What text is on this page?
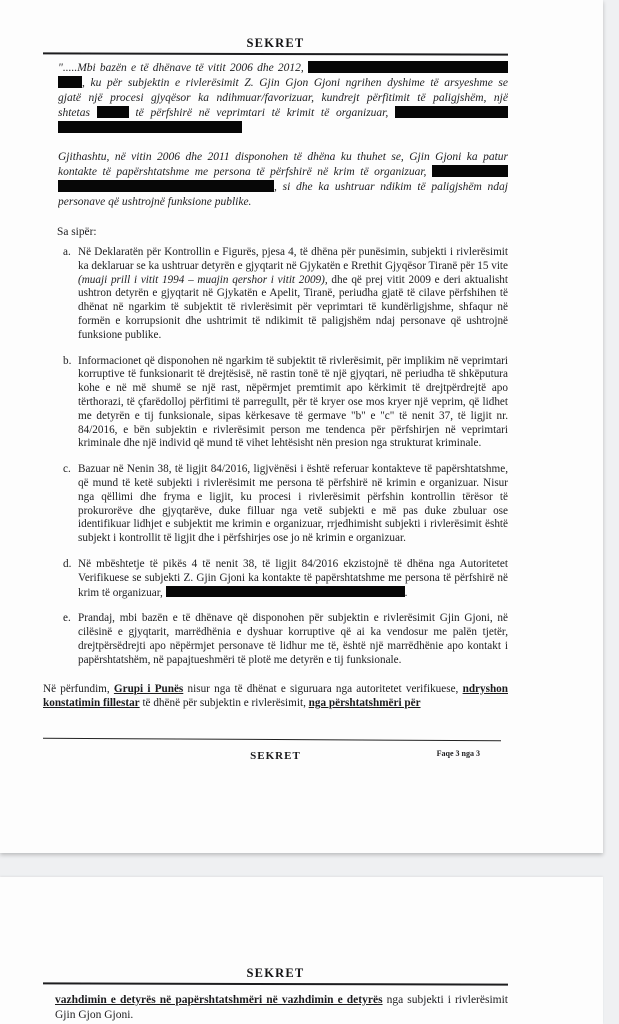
SEKRET
".....Mbi bazën e të dhënave të vitit 2006 dhe 2012,
, ku për subjektin e rivlerësimit Z. Gjin Gjon Gjoni ngrihen dyshime të arsyeshme se
gjatë një procesi gjyqësor ka ndihmuar/favorizuar, kundrejt përfitimit të paligjshëm, një
shtetas	të përfshirë në veprimtari të krimit të organizuar,
Gjithashtu, në vitin 2006 dhe 2011 disponohen të dhëna ku thuhet se, Gjin Gjoni ka patur
kontakte të papërshtatshme me persona të përfshirë në krim të organizuar,
, si dhe ka ushtruar ndikim të paligjshëm ndaj
personave që ushtrojnë funksione publike.
Sa sipër:
a. Në Deklaratën për Kontrollin e Figurës, pjesa 4, të dhëna për punësimin, subjekti i rivlerësimit ka deklaruar se ka ushtruar detyrën e gjyqtarit në Gjykatën e Rrethit Gjyqësor Tiranë për 15 vite (muaji prill i vitit 1994 – muajin qershor i vitit 2009), dhe që prej vitit 2009 e deri aktualisht ushtron detyrën e gjyqtarit në Gjykatën e Apelit, Tiranë, periudha gjatë të cilave përfshihen të dhënat në ngarkim të subjektit të rivlerësimit për veprimtari të kundërligjshme, shfaqur në formën e korrupsionit dhe ushtrimit të ndikimit të paligjshëm ndaj personave që ushtrojnë funksione publike.
b. Informacionet që disponohen në ngarkim të subjektit të rivlerësimit, për implikim në veprimtari korruptive të funksionarit të drejtësisë, në rastin tonë të një gjyqtari, në periudha të shkëputura kohe e në më shumë se një rast, nëpërmjet premtimit apo kërkimit të drejtpërdrejtë apo tërthorazi, të çfarëdolloj përfitimi të parregullt, për të kryer ose mos kryer një veprim, që lidhet me detyrën e tij funksionale, sipas kërkesave të germave "b" e "c" të nenit 37, të ligjit nr. 84/2016, e bën subjektin e rivlerësimit person me tendenca për përfshirjen në veprimtari kriminale dhe një individ që mund të vihet lehtësisht nën presion nga strukturat kriminale.
c. Bazuar në Nenin 38, të ligjit 84/2016, ligjvënësi i është referuar kontakteve të papërshtatshme, që mund të ketë subjekti i rivlerësimit me persona të përfshirë në krimin e organizuar. Nisur nga qëllimi dhe fryma e ligjit, ku procesi i rivlerësimit përfshin kontrollin tërësor të prokurorëve dhe gjyqtarëve, duke filluar nga vetë subjekti e më pas duke zbuluar ose identifikuar lidhjet e subjektit me krimin e organizuar, rrjedhimisht subjekti i rivlerësimit është subjekt i kontrollit të ligjit dhe i përfshirjes ose jo në krimin e organizuar.
d. Në mbështetje të pikës 4 të nenit 38, të ligjit 84/2016 ekzistojnë të dhëna nga Autoritetet Verifikuese se subjekti Z. Gjin Gjoni ka kontakte të papërshtatshme me persona të përfshirë në krim të organizuar,	.
e. Prandaj, mbi bazën e të dhënave që disponohen për subjektin e rivlerësimit Gjin Gjoni, në cilësinë e gjyqtarit, marrëdhënia e dyshuar korruptive që ai ka vendosur me palën tjetër, drejtpërsëdrejti apo nëpërmjet personave të lidhur me të, është një marrëdhënie apo kontakt i papërshtatshëm, në papajtueshmëri të plotë me detyrën e tij funksionale.
Në përfundim, Grupi i Punës nisur nga të dhënat e siguruara nga autoritetet verifikuese, ndryshon konstatimin fillestar të dhënë për subjektin e rivlerësimit, nga përshtatshmëri për
SEKRET	Faqe 3 nga 3
SEKRET
vazhdimin e detyrës në papërshtatshmëri në vazhdimin e detyrës nga subjekti i rivlerësimit Gjin Gjon Gjoni.
